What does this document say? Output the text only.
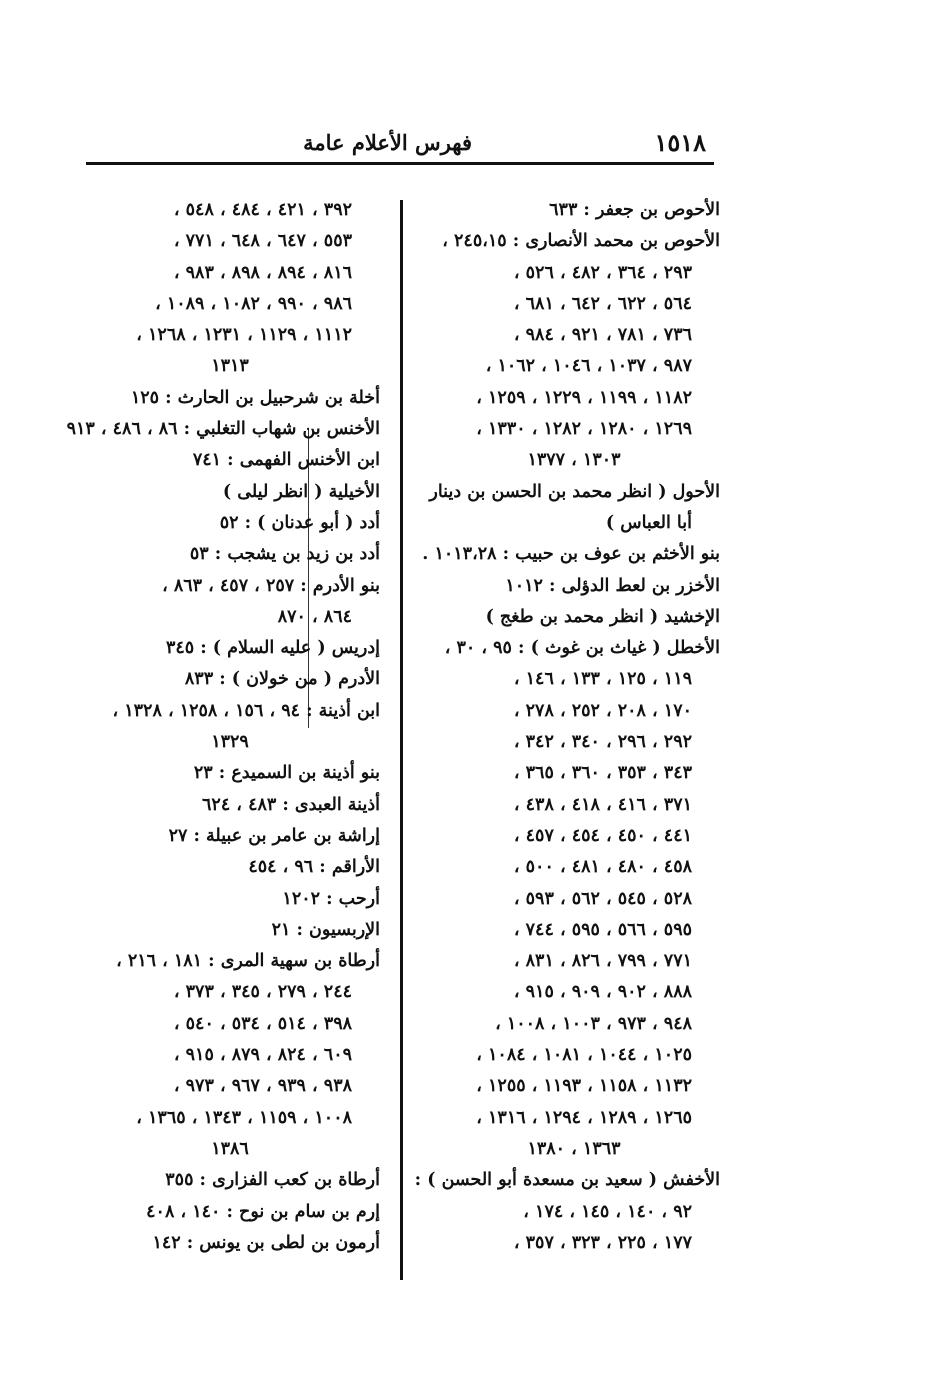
١٥١٨
فهرس الأعلام عامة
الأحوص بن جعفر : ٦٣٣
الأحوص بن محمد الأنصارى : ٢٤٥،١٥ ،
٢٩٣ ، ٣٦٤ ، ٤٨٢ ، ٥٢٦ ،
٥٦٤ ، ٦٢٢ ، ٦٤٢ ، ٦٨١ ،
٧٣٦ ، ٧٨١ ، ٩٢١ ، ٩٨٤ ،
٩٨٧ ، ١٠٣٧ ، ١٠٤٦ ، ١٠٦٢ ،
١١٨٢ ، ١١٩٩ ، ١٢٢٩ ، ١٢٥٩ ،
١٢٦٩ ، ١٢٨٠ ، ١٢٨٢ ، ١٣٣٠ ،
١٣٠٣ ، ١٣٧٧
الأحول ( انظر محمد بن الحسن بن دينار
أبا العباس )
بنو الأخثم بن عوف بن حبيب : ١٠١٣،٢٨ .
الأخزر بن لعط الدؤلى : ١٠١٢
الإخشيد ( انظر محمد بن طغج )
الأخطل ( غياث بن غوث ) : ٩٥ ، ٣٠ ،
١١٩ ، ١٢٥ ، ١٣٣ ، ١٤٦ ،
١٧٠ ، ٢٠٨ ، ٢٥٢ ، ٢٧٨ ،
٢٩٢ ، ٢٩٦ ، ٣٤٠ ، ٣٤٢ ،
٣٤٣ ، ٣٥٣ ، ٣٦٠ ، ٣٦٥ ،
٣٧١ ، ٤١٦ ، ٤١٨ ، ٤٣٨ ،
٤٤١ ، ٤٥٠ ، ٤٥٤ ، ٤٥٧ ،
٤٥٨ ، ٤٨٠ ، ٤٨١ ، ٥٠٠ ،
٥٢٨ ، ٥٤٥ ، ٥٦٢ ، ٥٩٣ ،
٥٩٥ ، ٥٦٦ ، ٥٩٥ ، ٧٤٤ ،
٧٧١ ، ٧٩٩ ، ٨٢٦ ، ٨٣١ ،
٨٨٨ ، ٩٠٢ ، ٩٠٩ ، ٩١٥ ،
٩٤٨ ، ٩٧٣ ، ١٠٠٣ ، ١٠٠٨ ،
١٠٢٥ ، ١٠٤٤ ، ١٠٨١ ، ١٠٨٤ ،
١١٣٢ ، ١١٥٨ ، ١١٩٣ ، ١٢٥٥ ،
١٢٦٥ ، ١٢٨٩ ، ١٢٩٤ ، ١٣١٦ ،
١٣٦٣ ، ١٣٨٠
الأخفش ( سعيد بن مسعدة أبو الحسن ) :
٩٢ ، ١٤٠ ، ١٤٥ ، ١٧٤ ،
١٧٧ ، ٢٢٥ ، ٣٢٣ ، ٣٥٧ ،
٣٩٢ ، ٤٢١ ، ٤٨٤ ، ٥٤٨ ،
٥٥٣ ، ٦٤٧ ، ٦٤٨ ، ٧٧١ ،
٨١٦ ، ٨٩٤ ، ٨٩٨ ، ٩٨٣ ،
٩٨٦ ، ٩٩٠ ، ١٠٨٢ ، ١٠٨٩ ،
١١١٢ ، ١١٢٩ ، ١٢٣١ ، ١٢٦٨ ،
١٣١٣
أخلة بن شرحبيل بن الحارث : ١٢٥
الأخنس بن شهاب التغلبي : ٨٦ ، ٤٨٦ ، ٩١٣
ابن الأخنس الفهمى : ٧٤١
الأخيلية ( انظر ليلى )
أدد ( أبو عدنان ) : ٥٢
أدد بن زيد بن يشجب : ٥٣
بنو الأدرم : ٢٥٧ ، ٤٥٧ ، ٨٦٣ ،
٨٦٤ ، ٨٧٠
إدريس ( عليه السلام ) : ٣٤٥
الأدرم ( من خولان ) : ٨٣٣
ابن أذينة : ٩٤ ، ١٥٦ ، ١٢٥٨ ، ١٣٢٨ ،
١٣٢٩
بنو أذينة بن السميدع : ٢٣
أذينة العبدى : ٤٨٣ ، ٦٢٤
إراشة بن عامر بن عبيلة : ٢٧
الأراقم : ٩٦ ، ٤٥٤
أرحب : ١٢٠٢
الإربسيون : ٢١
أرطاة بن سهية المرى : ١٨١ ، ٢١٦ ،
٢٤٤ ، ٢٧٩ ، ٣٤٥ ، ٣٧٣ ،
٣٩٨ ، ٥١٤ ، ٥٣٤ ، ٥٤٠ ،
٦٠٩ ، ٨٢٤ ، ٨٧٩ ، ٩١٥ ،
٩٣٨ ، ٩٣٩ ، ٩٦٧ ، ٩٧٣ ،
١٠٠٨ ، ١١٥٩ ، ١٣٤٣ ، ١٣٦٥ ،
١٣٨٦
أرطاة بن كعب الفزارى : ٣٥٥
إرم بن سام بن نوح : ١٤٠ ، ٤٠٨
أرمون بن لطى بن يونس : ١٤٢
